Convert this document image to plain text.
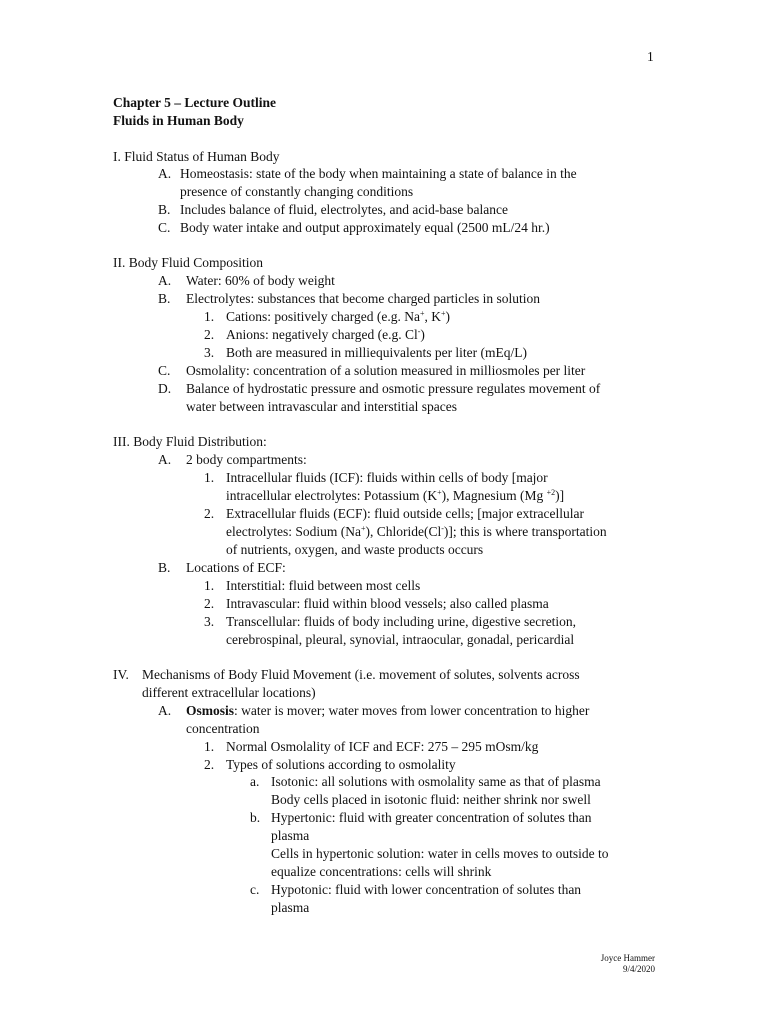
1
Chapter 5 – Lecture Outline
Fluids in Human Body
I. Fluid Status of Human Body
A. Homeostasis: state of the body when maintaining a state of balance in the
presence of constantly changing conditions
B. Includes balance of fluid, electrolytes, and acid-base balance
C. Body water intake and output approximately equal (2500 mL/24 hr.)
II. Body Fluid Composition
A. Water: 60% of body weight
B. Electrolytes: substances that become charged particles in solution
1. Cations: positively charged (e.g. Na+, K+)
2. Anions: negatively charged (e.g. Cl-)
3. Both are measured in milliequivalents per liter (mEq/L)
C. Osmolality: concentration of a solution measured in milliosmoles per liter
D. Balance of hydrostatic pressure and osmotic pressure regulates movement of
water between intravascular and interstitial spaces
III. Body Fluid Distribution:
A. 2 body compartments:
1. Intracellular fluids (ICF): fluids within cells of body [major
intracellular electrolytes: Potassium (K+), Magnesium (Mg $^{+2}$)]
2. Extracellular fluids (ECF): fluid outside cells; [major extracellular
electrolytes: Sodium (Na+), Chloride(Cl-)]; this is where transportation
of nutrients, oxygen, and waste products occurs
B. Locations of ECF:
1. Interstitial: fluid between most cells
2. Intravascular: fluid within blood vessels; also called plasma
3. Transcellular: fluids of body including urine, digestive secretion,
cerebrospinal, pleural, synovial, intraocular, gonadal, pericardial
IV. Mechanisms of Body Fluid Movement (i.e. movement of solutes, solvents across
different extracellular locations)
A. Osmosis: water is mover; water moves from lower concentration to higher
concentration
1. Normal Osmolality of ICF and ECF: 275 – 295 mOsm/kg
2. Types of solutions according to osmolality
a. Isotonic: all solutions with osmolality same as that of plasma
Body cells placed in isotonic fluid: neither shrink nor swell
b. Hypertonic: fluid with greater concentration of solutes than
plasma
Cells in hypertonic solution: water in cells moves to outside to
equalize concentrations: cells will shrink
c. Hypotonic: fluid with lower concentration of solutes than
plasma
Joyce Hammer
9/4/2020
